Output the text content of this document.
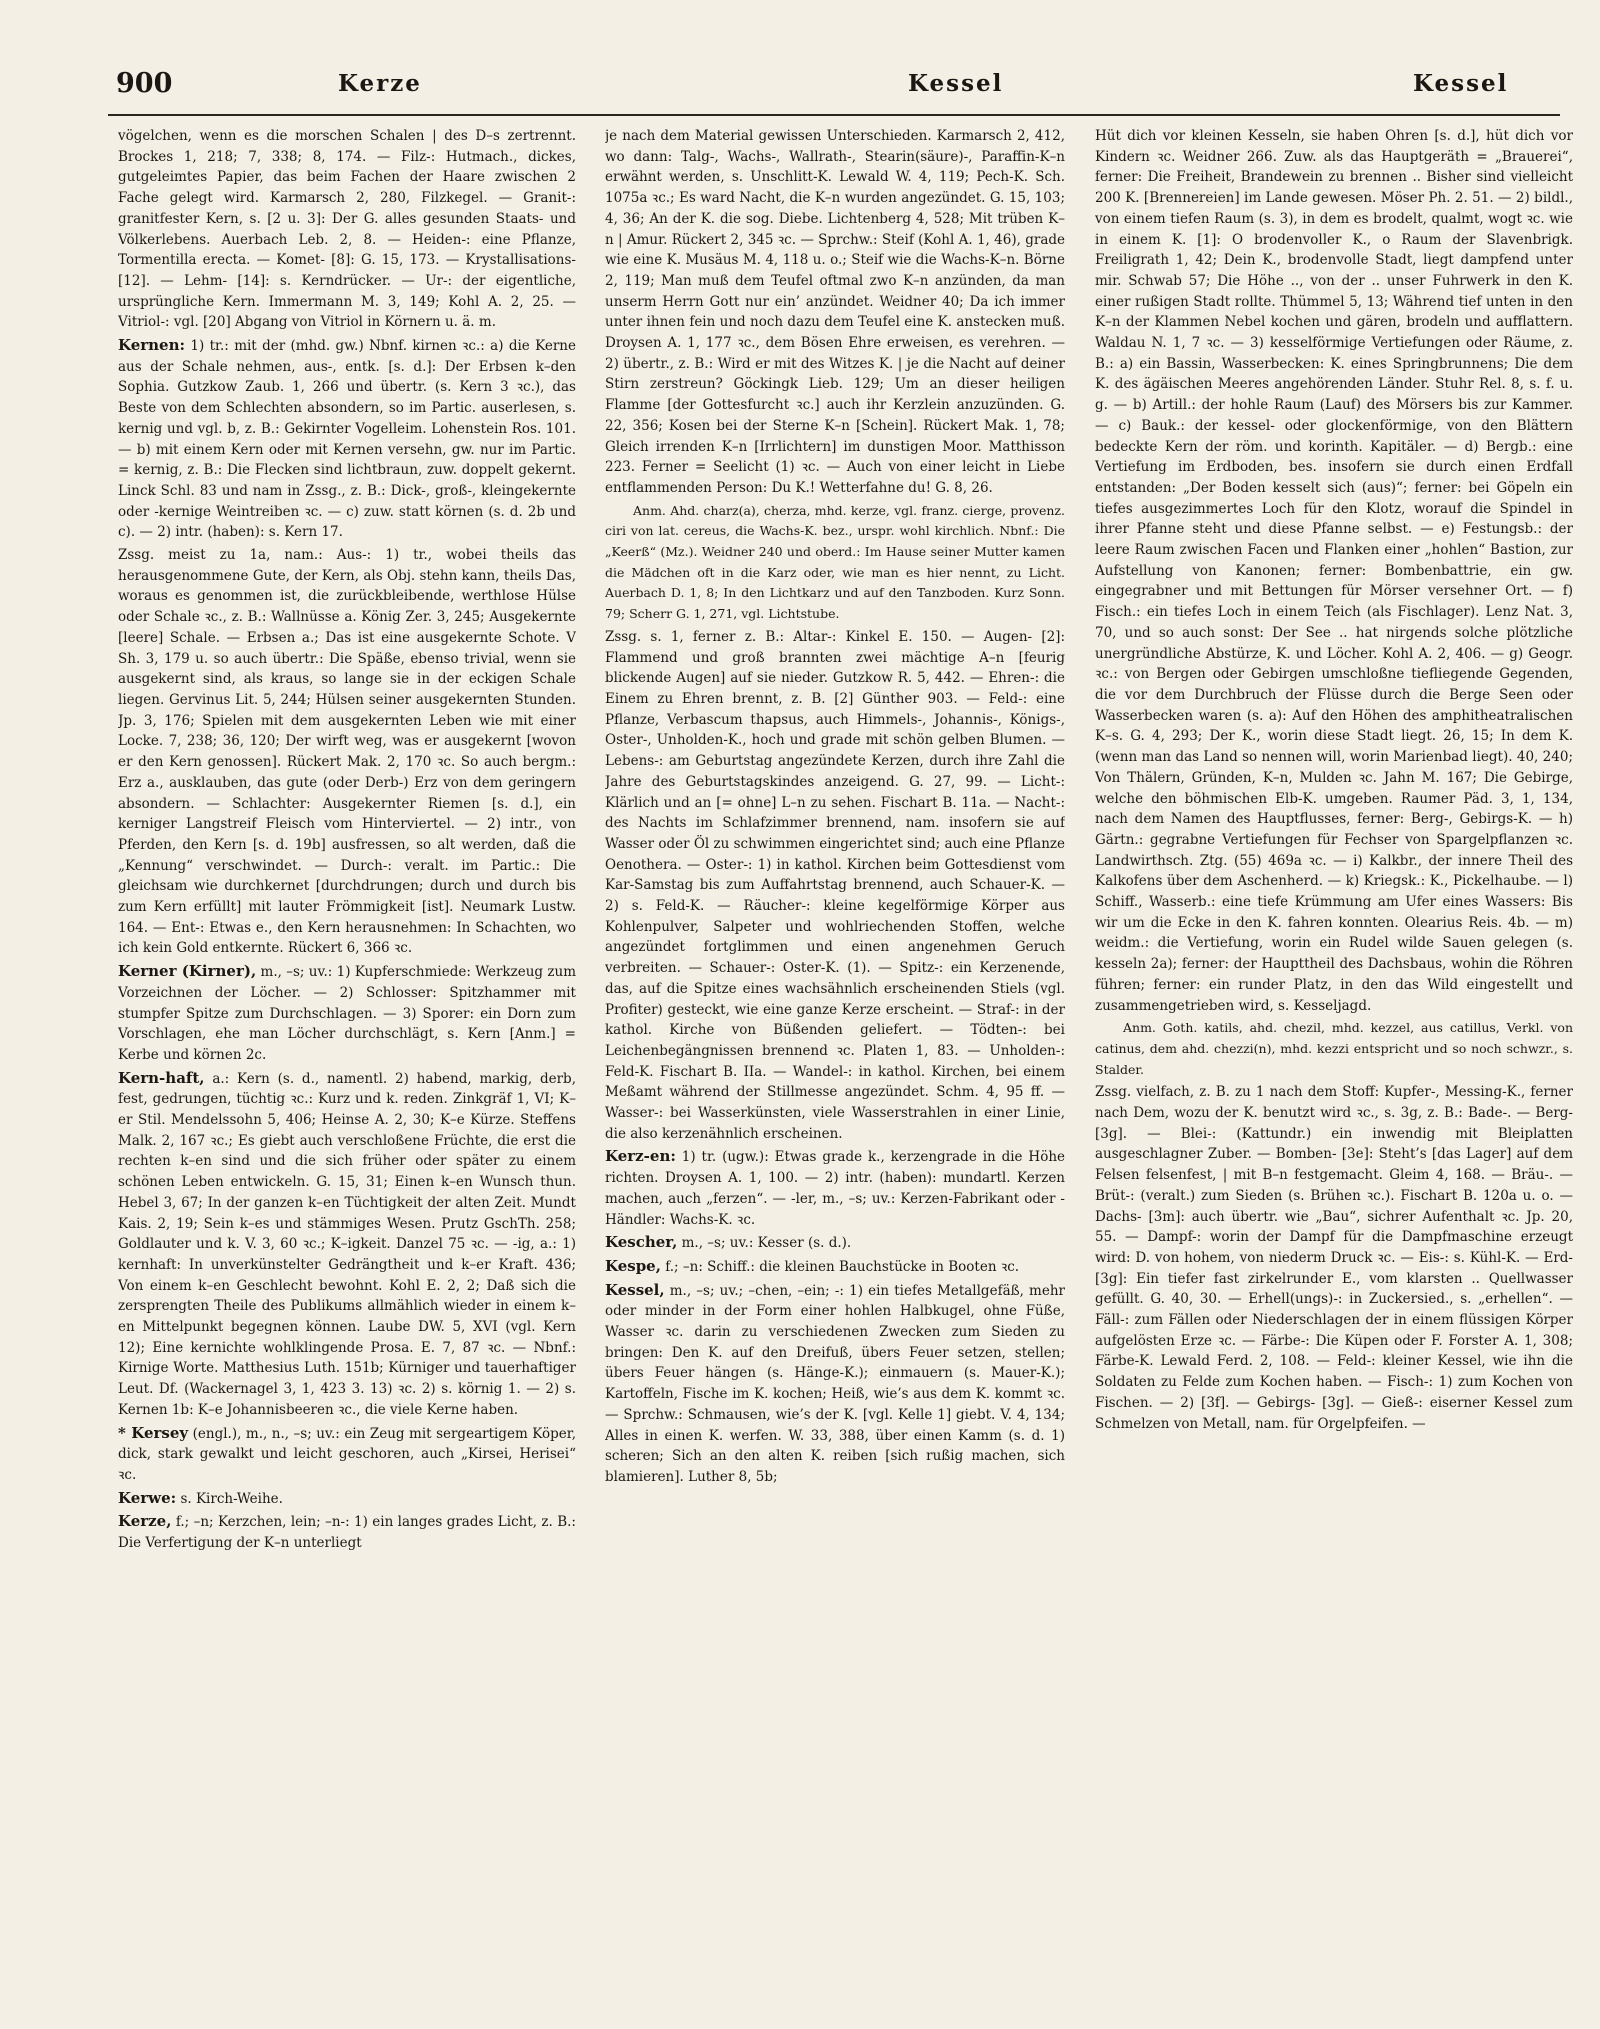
900	Kerze	Kessel	Kessel

vögelchen, wenn es die morschen Schalen | des D–s zertrennt. Brockes 1, 218; 7, 338; 8, 174. — Filz-: Hutmach., dickes, gutgeleimtes Papier, das beim Fachen der Haare zwischen 2 Fache gelegt wird. Karmarsch 2, 280, Filzkegel. — Granit-: granitfester Kern, s. [2 u. 3]: Der G. alles gesunden Staats- und Völkerlebens. Auerbach Leb. 2, 8. — Heiden-: eine Pflanze, Tormentilla erecta. — Komet- [8]: G. 15, 173. — Krystallisations- [12]. — Lehm- [14]: s. Kerndrücker. — Ur-: der eigentliche, ursprüngliche Kern. Immermann M. 3, 149; Kohl A. 2, 25. — Vitriol-: vgl. [20] Abgang von Vitriol in Körnern u. ä. m.

Kernen: 1) tr.: mit der (mhd. gw.) Nbnf. kirnen ꝛc.: a) die Kerne aus der Schale nehmen, aus-, entk. [s. d.]: Der Erbsen k–den Sophia. Gutzkow Zaub. 1, 266 und übertr. (s. Kern 3 ꝛc.), das Beste von dem Schlechten absondern, so im Partic. auserlesen, s. kernig und vgl. b, z. B.: Gekirnter Vogelleim. Lohenstein Ros. 101. — b) mit einem Kern oder mit Kernen versehn, gw. nur im Partic. = kernig, z. B.: Die Flecken sind lichtbraun, zuw. doppelt gekernt. Linck Schl. 83 und nam in Zssg., z. B.: Dick-, groß-, kleingekernte oder -kernige Weintreiben ꝛc. — c) zuw. statt körnen (s. d. 2b und c). — 2) intr. (haben): s. Kern 17.

Zssg. meist zu 1a, nam.: Aus-: 1) tr., wobei theils das herausgenommene Gute, der Kern, als Obj. stehn kann, theils Das, woraus es genommen ist, die zurückbleibende, werthlose Hülse oder Schale ꝛc., z. B.: Wallnüsse a. König Zer. 3, 245; Ausgekernte [leere] Schale. — Erbsen a.; Das ist eine ausgekernte Schote. V Sh. 3, 179 u. so auch übertr.: Die Späße, ebenso trivial, wenn sie ausgekernt sind, als kraus, so lange sie in der eckigen Schale liegen. Gervinus Lit. 5, 244; Hülsen seiner ausgekernten Stunden. Jp. 3, 176; Spielen mit dem ausgekernten Leben wie mit einer Locke. 7, 238; 36, 120; Der wirft weg, was er ausgekernt [wovon er den Kern genossen]. Rückert Mak. 2, 170 ꝛc. So auch bergm.: Erz a., ausklauben, das gute (oder Derb-) Erz von dem geringern absondern. — Schlachter: Ausgekernter Riemen [s. d.], ein kerniger Langstreif Fleisch vom Hinterviertel. — 2) intr., von Pferden, den Kern [s. d. 19b] ausfressen, so alt werden, daß die „Kennung“ verschwindet. — Durch-: veralt. im Partic.: Die gleichsam wie durchkernet [durchdrungen; durch und durch bis zum Kern erfüllt] mit lauter Frömmigkeit [ist]. Neumark Lustw. 164. — Ent-: Etwas e., den Kern herausnehmen: In Schachten, wo ich kein Gold entkernte. Rückert 6, 366 ꝛc.

Kerner (Kirner), m., –s; uv.: 1) Kupferschmiede: Werkzeug zum Vorzeichnen der Löcher. — 2) Schlosser: Spitzhammer mit stumpfer Spitze zum Durchschlagen. — 3) Sporer: ein Dorn zum Vorschlagen, ehe man Löcher durchschlägt, s. Kern [Anm.] = Kerbe und körnen 2c.

Kern-haft, a.: Kern (s. d., namentl. 2) habend, markig, derb, fest, gedrungen, tüchtig ꝛc.: Kurz und k. reden. Zinkgräf 1, VI; K–er Stil. Mendelssohn 5, 406; Heinse A. 2, 30; K–e Kürze. Steffens Malk. 2, 167 ꝛc.; Es giebt auch verschloßene Früchte, die erst die rechten k–en sind und die sich früher oder später zu einem schönen Leben entwickeln. G. 15, 31; Einen k–en Wunsch thun. Hebel 3, 67; In der ganzen k–en Tüchtigkeit der alten Zeit. Mundt Kais. 2, 19; Sein k–es und stämmiges Wesen. Prutz GschTh. 258; Goldlauter und k. V. 3, 60 ꝛc.; K–igkeit. Danzel 75 ꝛc. — -ig, a.: 1) kernhaft: In unverkünstelter Gedrängtheit und k–er Kraft. 436; Von einem k–en Geschlecht bewohnt. Kohl E. 2, 2; Daß sich die zersprengten Theile des Publikums allmählich wieder in einem k–en Mittelpunkt begegnen können. Laube DW. 5, XVI (vgl. Kern 12); Eine kernichte wohlklingende Prosa. E. 7, 87 ꝛc. — Nbnf.: Kirnige Worte. Matthesius Luth. 151b; Kürniger und tauerhaftiger Leut. Df. (Wackernagel 3, 1, 423 3. 13) ꝛc. 2) s. körnig 1. — 2) s. Kernen 1b: K–e Johannisbeeren ꝛc., die viele Kerne haben.

* Kersey (engl.), m., n., –s; uv.: ein Zeug mit sergeartigem Köper, dick, stark gewalkt und leicht geschoren, auch „Kirsei, Herisei“ ꝛc.

Kerwe: s. Kirch-Weihe.

Kerze, f.; –n; Kerzchen, lein; –n-: 1) ein langes grades Licht, z. B.: Die Verfertigung der K–n unterliegt

je nach dem Material gewissen Unterschieden. Karmarsch 2, 412, wo dann: Talg-, Wachs-, Wallrath-, Stearin(säure)-, Paraffin-K–n erwähnt werden, s. Unschlitt-K. Lewald W. 4, 119; Pech-K. Sch. 1075a ꝛc.; Es ward Nacht, die K–n wurden angezündet. G. 15, 103; 4, 36; An der K. die sog. Diebe. Lichtenberg 4, 528; Mit trüben K–n | Amur. Rückert 2, 345 ꝛc. — Sprchw.: Steif (Kohl A. 1, 46), grade wie eine K. Musäus M. 4, 118 u. o.; Steif wie die Wachs-K–n. Börne 2, 119; Man muß dem Teufel oftmal zwo K–n anzünden, da man unserm Herrn Gott nur ein’ anzündet. Weidner 40; Da ich immer unter ihnen fein und noch dazu dem Teufel eine K. anstecken muß. Droysen A. 1, 177 ꝛc., dem Bösen Ehre erweisen, es verehren. — 2) übertr., z. B.: Wird er mit des Witzes K. | je die Nacht auf deiner Stirn zerstreun? Göckingk Lieb. 129; Um an dieser heiligen Flamme [der Gottesfurcht ꝛc.] auch ihr Kerzlein anzuzünden. G. 22, 356; Kosen bei der Sterne K–n [Schein]. Rückert Mak. 1, 78; Gleich irrenden K–n [Irrlichtern] im dunstigen Moor. Matthisson 223. Ferner = Seelicht (1) ꝛc. — Auch von einer leicht in Liebe entflammenden Person: Du K.! Wetterfahne du! G. 8, 26.

Anm. Ahd. charz(a), cherza, mhd. kerze, vgl. franz. cierge, provenz. ciri von lat. cereus, die Wachs-K. bez., urspr. wohl kirchlich. Nbnf.: Die „Keerß“ (Mz.). Weidner 240 und oberd.: Im Hause seiner Mutter kamen die Mädchen oft in die Karz oder, wie man es hier nennt, zu Licht. Auerbach D. 1, 8; In den Lichtkarz und auf den Tanzboden. Kurz Sonn. 79; Scherr G. 1, 271, vgl. Lichtstube.

Zssg. s. 1, ferner z. B.: Altar-: Kinkel E. 150. — Augen- [2]: Flammend und groß brannten zwei mächtige A–n [feurig blickende Augen] auf sie nieder. Gutzkow R. 5, 442. — Ehren-: die Einem zu Ehren brennt, z. B. [2] Günther 903. — Feld-: eine Pflanze, Verbascum thapsus, auch Himmels-, Johannis-, Königs-, Oster-, Unholden-K., hoch und grade mit schön gelben Blumen. — Lebens-: am Geburtstag angezündete Kerzen, durch ihre Zahl die Jahre des Geburtstagskindes anzeigend. G. 27, 99. — Licht-: Klärlich und an [= ohne] L–n zu sehen. Fischart B. 11a. — Nacht-: des Nachts im Schlafzimmer brennend, nam. insofern sie auf Wasser oder Öl zu schwimmen eingerichtet sind; auch eine Pflanze Oenothera. — Oster-: 1) in kathol. Kirchen beim Gottesdienst vom Kar-Samstag bis zum Auffahrtstag brennend, auch Schauer-K. — 2) s. Feld-K. — Räucher-: kleine kegelförmige Körper aus Kohlenpulver, Salpeter und wohlriechenden Stoffen, welche angezündet fortglimmen und einen angenehmen Geruch verbreiten. — Schauer-: Oster-K. (1). — Spitz-: ein Kerzenende, das, auf die Spitze eines wachsähnlich erscheinenden Stiels (vgl. Profiter) gesteckt, wie eine ganze Kerze erscheint. — Straf-: in der kathol. Kirche von Büßenden geliefert. — Tödten-: bei Leichenbegängnissen brennend ꝛc. Platen 1, 83. — Unholden-: Feld-K. Fischart B. IIa. — Wandel-: in kathol. Kirchen, bei einem Meßamt während der Stillmesse angezündet. Schm. 4, 95 ff. — Wasser-: bei Wasserkünsten, viele Wasserstrahlen in einer Linie, die also kerzenähnlich erscheinen.

Kerz-en: 1) tr. (ugw.): Etwas grade k., kerzengrade in die Höhe richten. Droysen A. 1, 100. — 2) intr. (haben): mundartl. Kerzen machen, auch „ferzen“. — -ler, m., –s; uv.: Kerzen-Fabrikant oder -Händler: Wachs-K. ꝛc.

Kescher, m., –s; uv.: Kesser (s. d.).

Kespe, f.; –n: Schiff.: die kleinen Bauchstücke in Booten ꝛc.

Kessel, m., –s; uv.; –chen, –ein; -: 1) ein tiefes Metallgefäß, mehr oder minder in der Form einer hohlen Halbkugel, ohne Füße, Wasser ꝛc. darin zu verschiedenen Zwecken zum Sieden zu bringen: Den K. auf den Dreifuß, übers Feuer setzen, stellen; übers Feuer hängen (s. Hänge-K.); einmauern (s. Mauer-K.); Kartoffeln, Fische im K. kochen; Heiß, wie’s aus dem K. kommt ꝛc. — Sprchw.: Schmausen, wie’s der K. [vgl. Kelle 1] giebt. V. 4, 134; Alles in einen K. werfen. W. 33, 388, über einen Kamm (s. d. 1) scheren; Sich an den alten K. reiben [sich rußig machen, sich blamieren]. Luther 8, 5b;

Hüt dich vor kleinen Kesseln, sie haben Ohren [s. d.], hüt dich vor Kindern ꝛc. Weidner 266. Zuw. als das Hauptgeräth = „Brauerei“, ferner: Die Freiheit, Brandewein zu brennen .. Bisher sind vielleicht 200 K. [Brennereien] im Lande gewesen. Möser Ph. 2. 51. — 2) bildl., von einem tiefen Raum (s. 3), in dem es brodelt, qualmt, wogt ꝛc. wie in einem K. [1]: O brodenvoller K., o Raum der Slavenbrigk. Freiligrath 1, 42; Dein K., brodenvolle Stadt, liegt dampfend unter mir. Schwab 57; Die Höhe .., von der .. unser Fuhrwerk in den K. einer rußigen Stadt rollte. Thümmel 5, 13; Während tief unten in den K–n der Klammen Nebel kochen und gären, brodeln und aufflattern. Waldau N. 1, 7 ꝛc. — 3) kesselförmige Vertiefungen oder Räume, z. B.: a) ein Bassin, Wasserbecken: K. eines Springbrunnens; Die dem K. des ägäischen Meeres angehörenden Länder. Stuhr Rel. 8, s. f. u. g. — b) Artill.: der hohle Raum (Lauf) des Mörsers bis zur Kammer. — c) Bauk.: der kessel- oder glockenförmige, von den Blättern bedeckte Kern der röm. und korinth. Kapitäler. — d) Bergb.: eine Vertiefung im Erdboden, bes. insofern sie durch einen Erdfall entstanden: „Der Boden kesselt sich (aus)“; ferner: bei Göpeln ein tiefes ausgezimmertes Loch für den Klotz, worauf die Spindel in ihrer Pfanne steht und diese Pfanne selbst. — e) Festungsb.: der leere Raum zwischen Facen und Flanken einer „hohlen“ Bastion, zur Aufstellung von Kanonen; ferner: Bombenbattrie, ein gw. eingegrabner und mit Bettungen für Mörser versehner Ort. — f) Fisch.: ein tiefes Loch in einem Teich (als Fischlager). Lenz Nat. 3, 70, und so auch sonst: Der See .. hat nirgends solche plötzliche unergründliche Abstürze, K. und Löcher. Kohl A. 2, 406. — g) Geogr. ꝛc.: von Bergen oder Gebirgen umschloßne tiefliegende Gegenden, die vor dem Durchbruch der Flüsse durch die Berge Seen oder Wasserbecken waren (s. a): Auf den Höhen des amphitheatralischen K–s. G. 4, 293; Der K., worin diese Stadt liegt. 26, 15; In dem K. (wenn man das Land so nennen will, worin Marienbad liegt). 40, 240; Von Thälern, Gründen, K–n, Mulden ꝛc. Jahn M. 167; Die Gebirge, welche den böhmischen Elb-K. umgeben. Raumer Päd. 3, 1, 134, nach dem Namen des Hauptflusses, ferner: Berg-, Gebirgs-K. — h) Gärtn.: gegrabne Vertiefungen für Fechser von Spargelpflanzen ꝛc. Landwirthsch. Ztg. (55) 469a ꝛc. — i) Kalkbr., der innere Theil des Kalkofens über dem Aschenherd. — k) Kriegsk.: K., Pickelhaube. — l) Schiff., Wasserb.: eine tiefe Krümmung am Ufer eines Wassers: Bis wir um die Ecke in den K. fahren konnten. Olearius Reis. 4b. — m) weidm.: die Vertiefung, worin ein Rudel wilde Sauen gelegen (s. kesseln 2a); ferner: der Haupttheil des Dachsbaus, wohin die Röhren führen; ferner: ein runder Platz, in den das Wild eingestellt und zusammengetrieben wird, s. Kesseljagd.

Anm. Goth. katils, ahd. chezil, mhd. kezzel, aus catillus, Verkl. von catinus, dem ahd. chezzi(n), mhd. kezzi entspricht und so noch schwzr., s. Stalder.

Zssg. vielfach, z. B. zu 1 nach dem Stoff: Kupfer-, Messing-K., ferner nach Dem, wozu der K. benutzt wird ꝛc., s. 3g, z. B.: Bade-. — Berg- [3g]. — Blei-: (Kattundr.) ein inwendig mit Bleiplatten ausgeschlagner Zuber. — Bomben- [3e]: Steht’s [das Lager] auf dem Felsen felsenfest, | mit B–n festgemacht. Gleim 4, 168. — Bräu-. — Brüt-: (veralt.) zum Sieden (s. Brühen ꝛc.). Fischart B. 120a u. o. — Dachs- [3m]: auch übertr. wie „Bau“, sichrer Aufenthalt ꝛc. Jp. 20, 55. — Dampf-: worin der Dampf für die Dampfmaschine erzeugt wird: D. von hohem, von niederm Druck ꝛc. — Eis-: s. Kühl-K. — Erd- [3g]: Ein tiefer fast zirkelrunder E., vom klarsten .. Quellwasser gefüllt. G. 40, 30. — Erhell(ungs)-: in Zuckersied., s. „erhellen“. — Fäll-: zum Fällen oder Niederschlagen der in einem flüssigen Körper aufgelösten Erze ꝛc. — Färbe-: Die Küpen oder F. Forster A. 1, 308; Färbe-K. Lewald Ferd. 2, 108. — Feld-: kleiner Kessel, wie ihn die Soldaten zu Felde zum Kochen haben. — Fisch-: 1) zum Kochen von Fischen. — 2) [3f]. — Gebirgs- [3g]. — Gieß-: eiserner Kessel zum Schmelzen von Metall, nam. für Orgelpfeifen. —
